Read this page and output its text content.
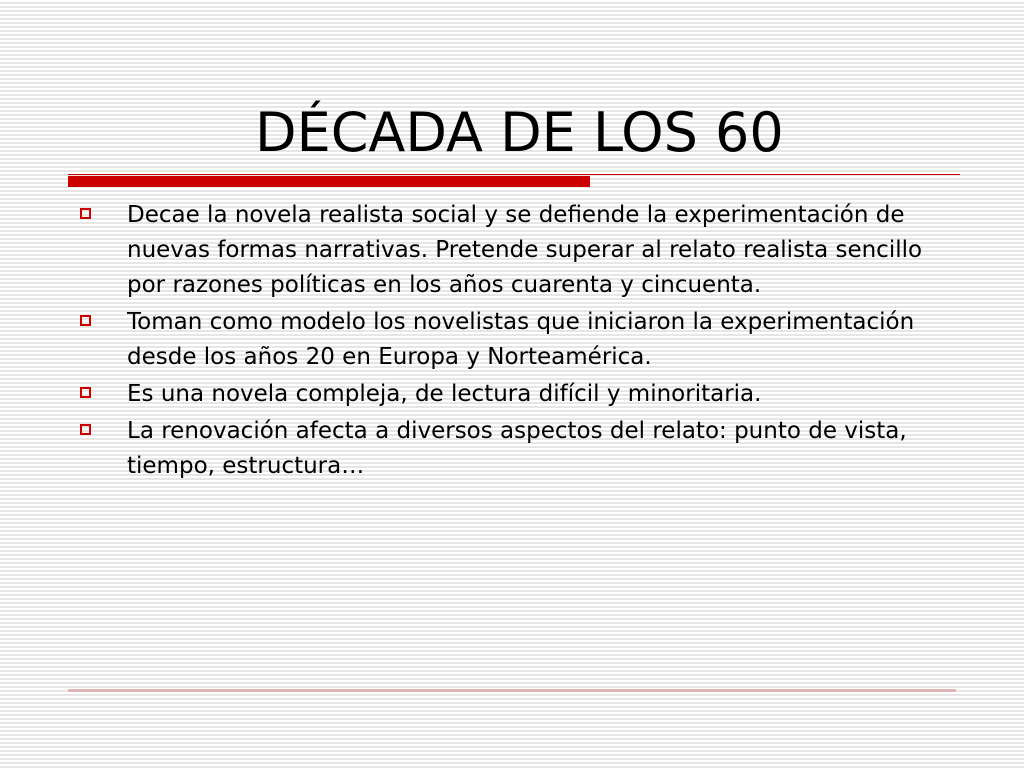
DÉCADA DE LOS 60
Decae la novela realista social y se defiende la experimentación de nuevas formas narrativas. Pretende superar al relato realista sencillo por razones políticas en los años cuarenta y cincuenta.
Toman como modelo los novelistas que iniciaron la experimentación desde los años 20 en Europa y Norteamérica.
Es una novela compleja, de lectura difícil y minoritaria.
La renovación afecta a diversos aspectos del relato: punto de vista, tiempo, estructura…
